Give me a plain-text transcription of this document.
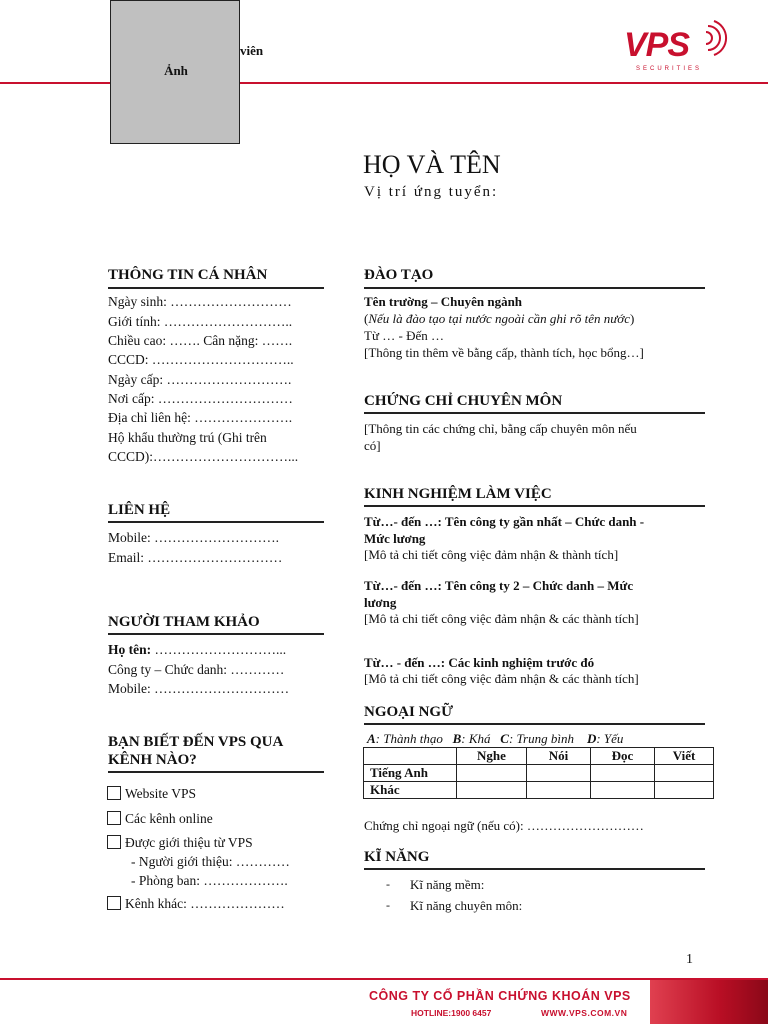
Ảnh
viên	VPS
SECURITIES
HỌ VÀ TÊN
Vị trí ứng tuyển:
THÔNG TIN CÁ NHÂN
Ngày sinh: ………………………
Giới tính: ………………………..
Chiều cao: ……. Cân nặng: …….
CCCD: …………………………..
Ngày cấp: ……………………….
Nơi cấp: …………………………
Địa chỉ liên hệ: ………………….
Hộ khẩu thường trú (Ghi trên
CCCD):…………………………...
LIÊN HỆ
Mobile: ……………………….
Email: …………………………
NGƯỜI THAM KHẢO
Họ tên: ………………………...
Công ty – Chức danh: …………
Mobile: …………………………
BẠN BIẾT ĐẾN VPS QUA
KÊNH NÀO?
Website VPS
Các kênh online
Được giới thiệu từ VPS
- Người giới thiệu: …………
- Phòng ban: ……………….
Kênh khác: …………………
ĐÀO TẠO
Tên trường – Chuyên ngành
(Nếu là đào tạo tại nước ngoài cần ghi rõ tên nước)
Từ … - Đến …
[Thông tin thêm về bằng cấp, thành tích, học bổng…]
CHỨNG CHỈ CHUYÊN MÔN
[Thông tin các chứng chỉ, bằng cấp chuyên môn nếu
có]
KINH NGHIỆM LÀM VIỆC
Từ…- đến …: Tên công ty gần nhất – Chức danh -
Mức lương
[Mô tả chi tiết công việc đảm nhận & thành tích]
Từ…- đến …: Tên công ty 2 – Chức danh – Mức
lương
[Mô tả chi tiết công việc đảm nhận & các thành tích]
Từ… - đến …: Các kinh nghiệm trước đó
[Mô tả chi tiết công việc đảm nhận & các thành tích]
NGOẠI NGỮ
A: Thành thạo B: Khá C: Trung bình D: Yếu
	Nghe	Nói	Đọc	Viết
Tiếng Anh				
Khác				
Chứng chỉ ngoại ngữ (nếu có): ………………………
KĨ NĂNG
- Kĩ năng mềm:
- Kĩ năng chuyên môn:
1
CÔNG TY CỔ PHẦN CHỨNG KHOÁN VPS
HOTLINE:1900 6457	WWW.VPS.COM.VN
